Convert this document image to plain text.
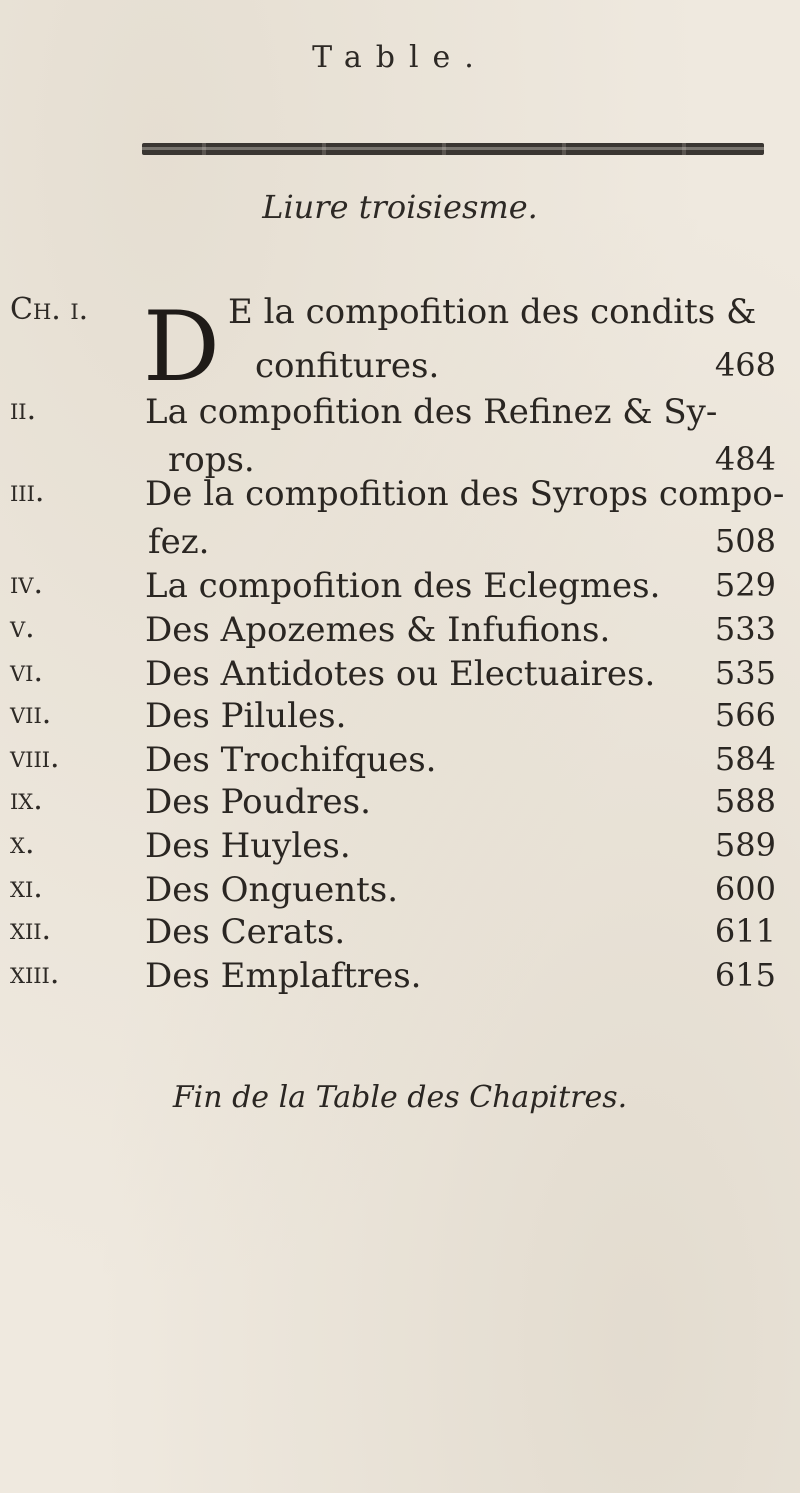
Table.
Liure troisiesme.
D
Ch. i.	E la compofition des condits &
confitures.	468
ii.	La compofition des Refinez & Sy-
rops.	484
iii.	De la compofition des Syrops compo-
fez.	508
iv.	La compofition des Eclegmes.	529
v.	Des Apozemes & Infufions.	533
vi.	Des Antidotes ou Electuaires.	535
vii.	Des Pilules.	566
viii.	Des Trochifques.	584
ix.	Des Poudres.	588
x.	Des Huyles.	589
xi.	Des Onguents.	600
xii.	Des Cerats.	611
xiii.	Des Emplaftres.	615
Fin de la Table des Chapitres.
